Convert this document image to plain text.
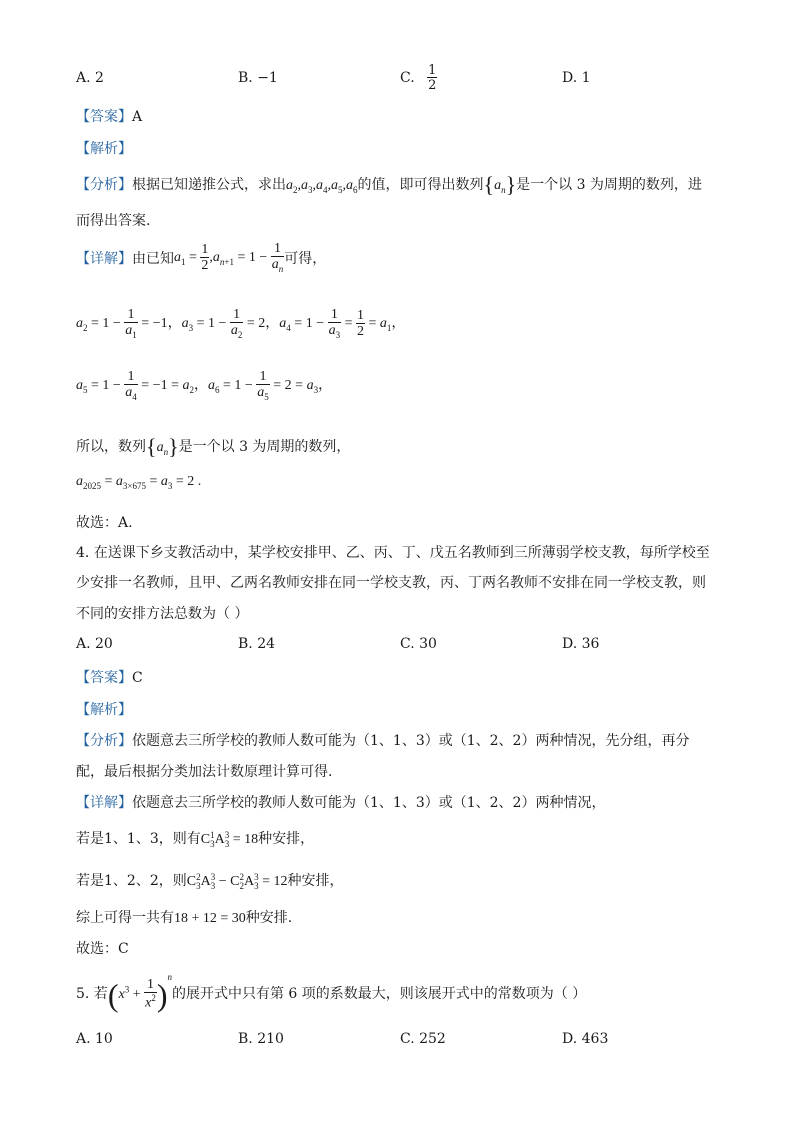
A. 2	B. −1	C. $\frac{1}{2}$	D. 1
【答案】A
【解析】
【分析】根据已知递推公式，求出$a_2,a_3,a_4,a_5,a_6$的值，即可得出数列$\{a_n\}$是一个以 3 为周期的数列，进
而得出答案.
【详解】由已知$a_1 = \frac{1}{2} ,a_{n+1} = 1 - \frac{1}{a_n}$ 可得，
$a_2 = 1 - \frac{1}{a_1} = -1$，$a_3 = 1 - \frac{1}{a_2} = 2$，$a_4 = 1 - \frac{1}{a_3} = \frac{1}{2} = a_1$，
$a_5 = 1 - \frac{1}{a_4} = -1 = a_2$，$a_6 = 1 - \frac{1}{a_5} = 2 = a_3$，
所以，数列$\{a_n\}$是一个以 3 为周期的数列，
$a_{2025} = a_{3\times 675} = a_3 = 2$ .
故选：A.
4. 在送课下乡支教活动中，某学校安排甲、乙、丙、丁、戊五名教师到三所薄弱学校支教，每所学校至
少安排一名教师，且甲、乙两名教师安排在同一学校支教，丙、丁两名教师不安排在同一学校支教，则
不同的安排方法总数为（ ）
A. 20	B. 24	C. 30	D. 36
【答案】C
【解析】
【分析】依题意去三所学校的教师人数可能为（1、1、3）或（1、2、2）两种情况，先分组，再分
配，最后根据分类加法计数原理计算可得.
【详解】依题意去三所学校的教师人数可能为（1、1、3）或（1、2、2）两种情况，
若是1、1、3，则有C 1
3 A 3
3 = 18种安排，
若是1、2、2，则C 2
3 A 3
3 − C 2
2 A 3
3 = 12种安排，
综上可得一共有18 + 12 = 30种安排.
故选：C
5. 若$(x^3 + \frac{1}{x^2} )^n$的展开式中只有第 6 项的系数最大，则该展开式中的常数项为（ ）
A. 10	B. 210	C. 252	D. 463
